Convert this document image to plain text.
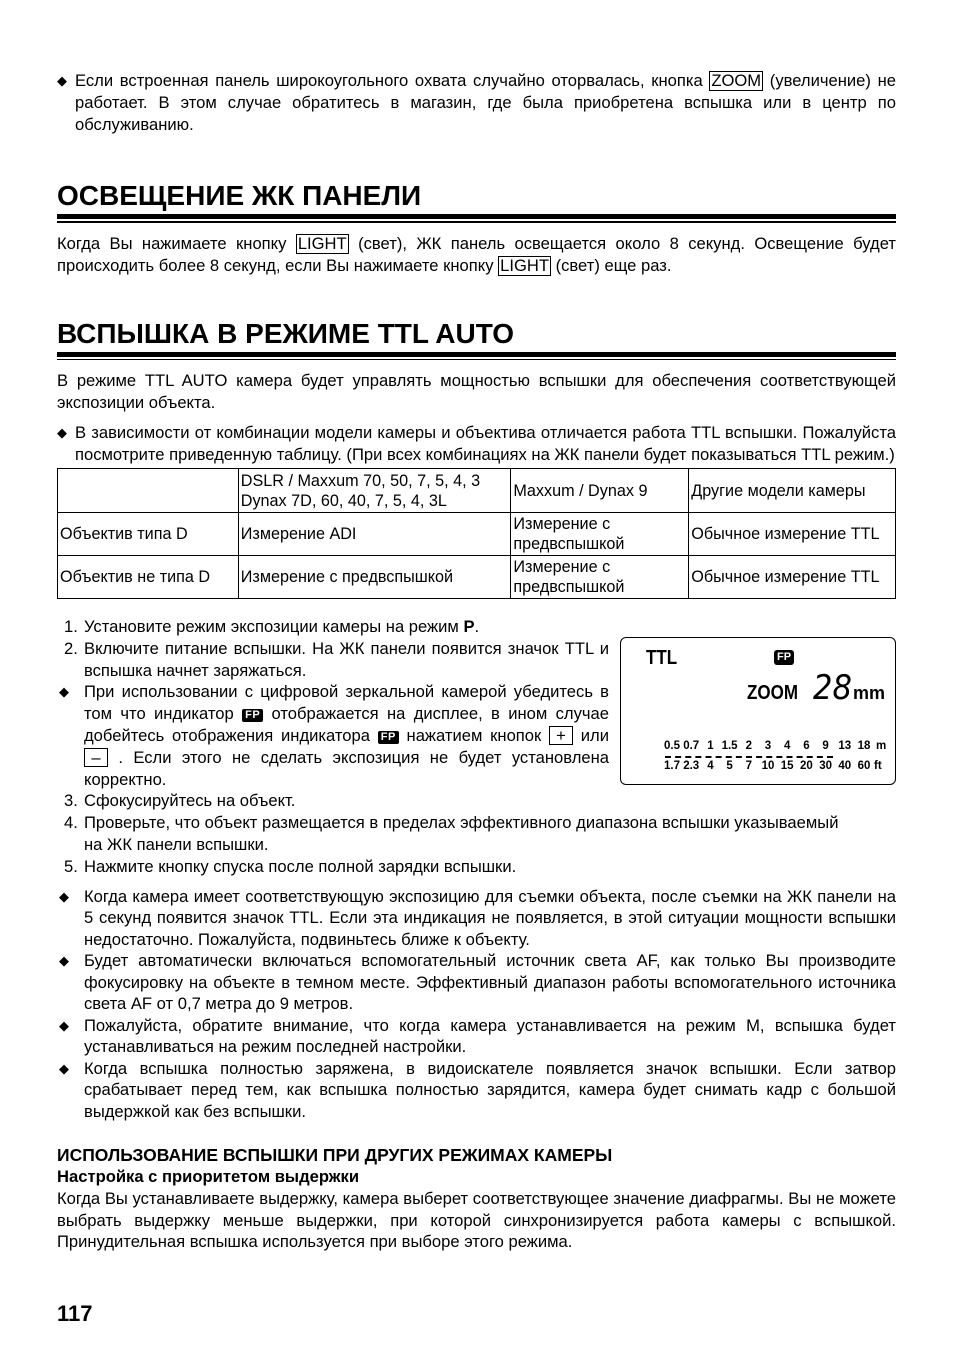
◆ Если встроенная панель широкоугольного охвата случайно оторвалась, кнопка ZOOM (увеличение) не работает. В этом случае обратитесь в магазин, где была приобретена вспышка или в центр по обслуживанию.
ОСВЕЩЕНИЕ ЖК ПАНЕЛИ

Когда Вы нажимаете кнопку LIGHT (свет), ЖК панель освещается около 8 секунд. Освещение будет происходить более 8 секунд, если Вы нажимаете кнопку LIGHT (свет) еще раз.

ВСПЫШКА В РЕЖИМЕ TTL AUTO

В режиме TTL AUTO камера будет управлять мощностью вспышки для обеспечения соответствующей экспозиции объекта.

◆ В зависимости от комбинации модели камеры и объектива отличается работа TTL вспышки. Пожалуйста посмотрите приведенную таблицу. (При всех комбинациях на ЖК панели будет показываться TTL режим.)
	DSLR / Maxxum 70, 50, 7, 5, 4, 3 Dynax 7D, 60, 40, 7, 5, 4, 3L	Maxxum / Dynax 9	Другие модели камеры
Объектив типа D	Измерение ADI	Измерение с предвспышкой	Обычное измерение TTL
Объектив не типа D	Измерение с предвспышкой	Измерение с предвспышкой	Обычное измерение TTL
1. Установите режим экспозиции камеры на режим P.
2. Включите питание вспышки. На ЖК панели появится значок TTL и вспышка начнет заряжаться.
◆ При использовании с цифровой зеркальной камерой убедитесь в том что индикатор FP отображается на дисплее, в ином случае добейтесь отображения индикатора FP нажатием кнопок + или – . Если этого не сделать экспозиция не будет установлена корректно.
3. Сфокусируйтесь на объект.
4. Проверьте, что объект размещается в пределах эффективного диапазона вспышки указываемый на ЖК панели вспышки.
5. Нажмите кнопку спуска после полной зарядки вспышки.
TTL	FP
ZOOM 28 mm
0.5 0.7 1 1.5 2 3 4 6 9 13 18
1.7 2.3 4 5 7 10 15 20 30 40 60
m
ft
◆ Когда камера имеет соответствующую экспозицию для съемки объекта, после съемки на ЖК панели на 5 секунд появится значок TTL. Если эта индикация не появляется, в этой ситуации мощности вспышки недостаточно. Пожалуйста, подвиньтесь ближе к объекту.
◆ Будет автоматически включаться вспомогательный источник света AF, как только Вы производите фокусировку на объекте в темном месте. Эффективный диапазон работы вспомогательного источника света AF от 0,7 метра до 9 метров.
◆ Пожалуйста, обратите внимание, что когда камера устанавливается на режим M, вспышка будет устанавливаться на режим последней настройки.
◆ Когда вспышка полностью заряжена, в видоискателе появляется значок вспышки. Если затвор срабатывает перед тем, как вспышка полностью зарядится, камера будет снимать кадр с большой выдержкой как без вспышки.
ИСПОЛЬЗОВАНИЕ ВСПЫШКИ ПРИ ДРУГИХ РЕЖИМАХ КАМЕРЫ
Настройка с приоритетом выдержки

Когда Вы устанавливаете выдержку, камера выберет соответствующее значение диафрагмы. Вы не можете выбрать выдержку меньше выдержки, при которой синхронизируется работа камеры с вспышкой. Принудительная вспышка используется при выборе этого режима.

117
